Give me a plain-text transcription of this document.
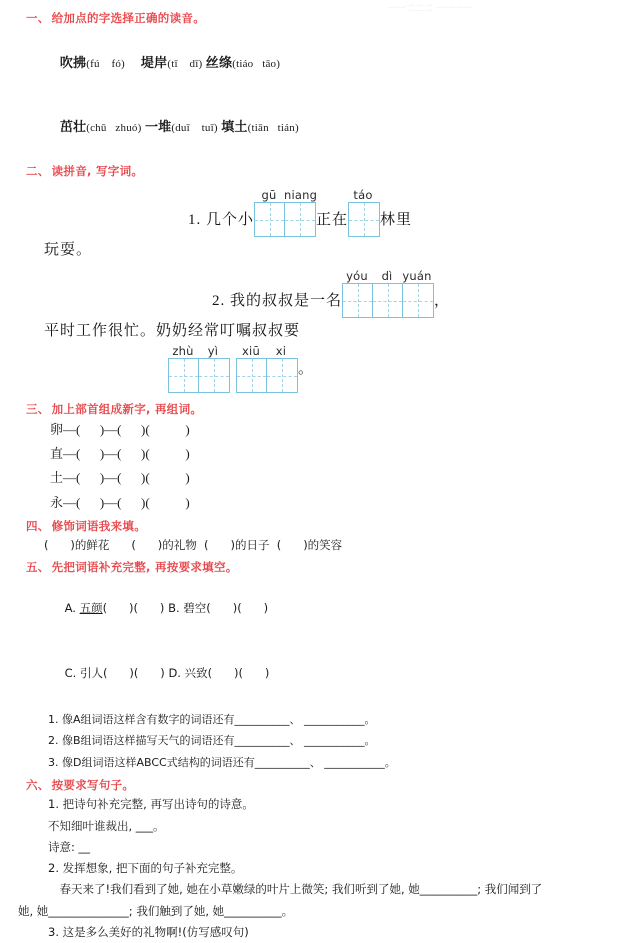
一一二二二 一一一一
一、 给加点的字选择正确的读音。

吹拂(fú    fó) 堤岸(tī    dī) 丝绦(tiáo   tāo)

茁壮(chū   zhuó) 一堆(duī    tuī) 填土(tiān   tián)

二、 读拼音, 写字词。
1. 几个小
gū niang
正在
táo
林里
玩耍。
2. 我的叔叔是一名
yóu	dì yuán
，
平时工作很忙。奶奶经常叮嘱叔叔要
zhù	yì	xiū	xi
。
三、 加上部首组成新字, 再组词。
卵—(      )—(      )(           )
直—(      )—(      )(           )
土—(      )—(      )(           )
永—(      )—(      )(           )
四、 修饰词语我来填。
(      )的鲜花      (      )的礼物  (      )的日子  (      )的笑容
五、 先把词语补充完整, 再按要求填空。

A. 五颜(      )(      ) B. 碧空(      )(      )

C. 引人(      )(      ) D. 兴致(      )(      )

1. 像A组词语这样含有数字的词语还有__________、 ___________。
2. 像B组词语这样描写天气的词语还有__________、 ___________。
3. 像D组词语这样ABCC式结构的词语还有__________、 ___________。
六、 按要求写句子。
1. 把诗句补充完整, 再写出诗句的诗意。
不知细叶谁裁出, ___。
诗意: __
2. 发挥想象, 把下面的句子补充完整。
　春天来了!我们看到了她, 她在小草嫩绿的叶片上微笑; 我们听到了她, 她__________; 我们闻到了
她, 她______________; 我们触到了她, 她__________。
3. 这是多么美好的礼物啊!(仿写感叹句)
